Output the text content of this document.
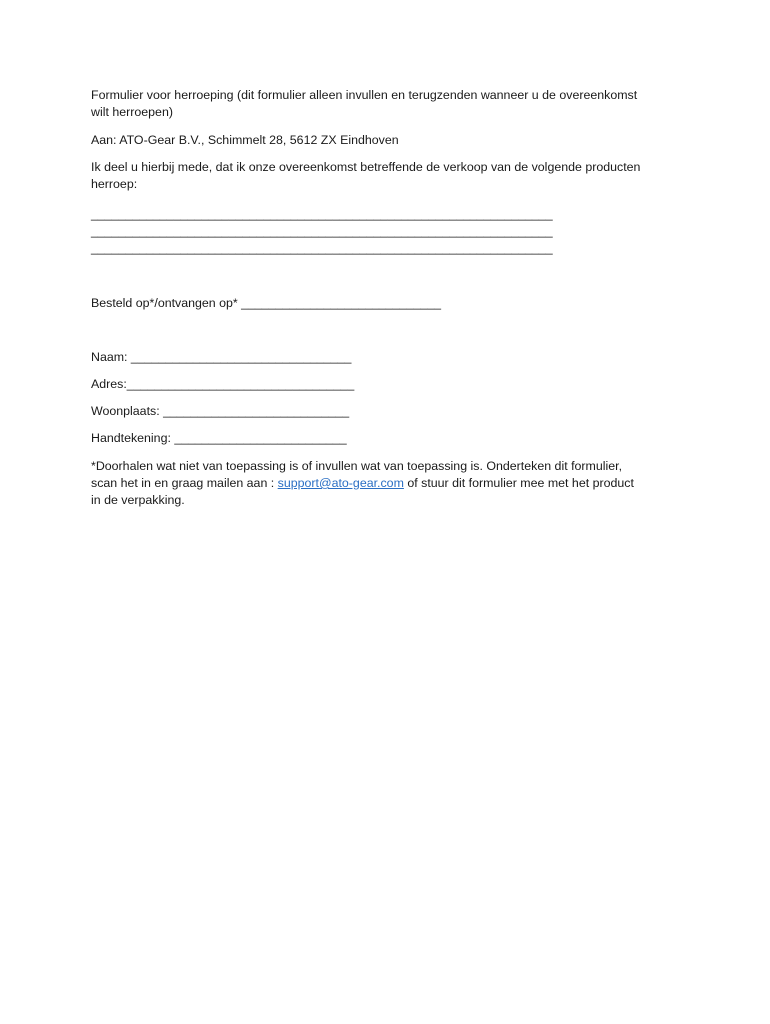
Formulier voor herroeping (dit formulier alleen invullen en terugzenden wanneer u de overeenkomst
wilt herroepen)
Aan: ATO-Gear B.V., Schimmelt 28, 5612 ZX Eindhoven
Ik deel u hierbij mede, dat ik onze overeenkomst betreffende de verkoop van de volgende producten
herroep:
___________________________________________________________________
___________________________________________________________________
___________________________________________________________________
Besteld op*/ontvangen op* _____________________________
Naam: ________________________________
Adres:_________________________________
Woonplaats: ___________________________
Handtekening: _________________________
*Doorhalen wat niet van toepassing is of invullen wat van toepassing is. Onderteken dit formulier,
scan het in en graag mailen aan : support@ato-gear.com of stuur dit formulier mee met het product
in de verpakking.
